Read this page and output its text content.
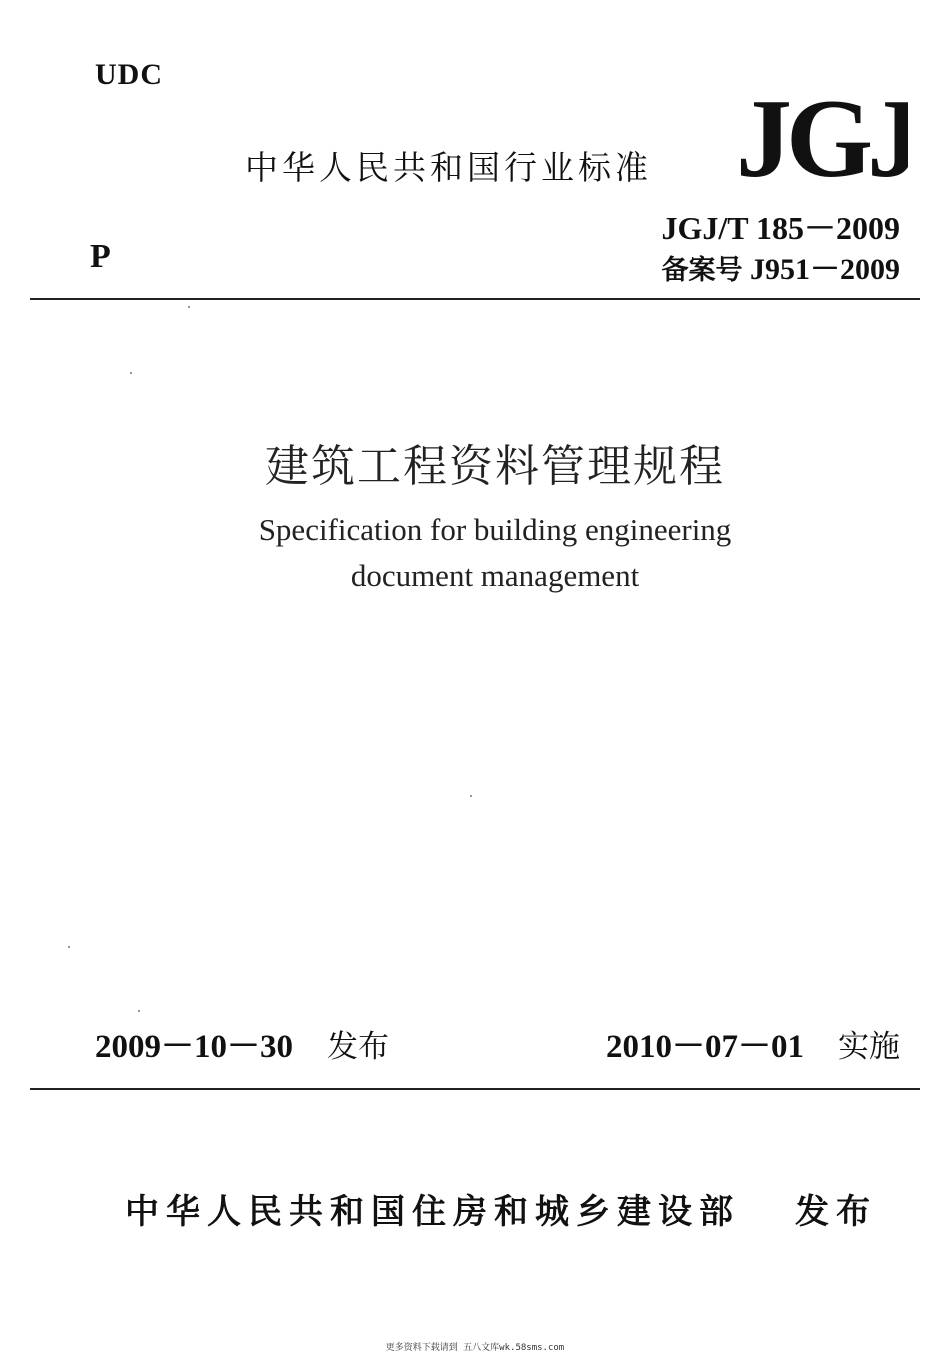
UDC
中华人民共和国行业标准 JGJ
P
JGJ/T 185－2009
备案号 J951－2009
建筑工程资料管理规程
Specification for building engineering
document management
2009－10－30 发布	2010－07－01 实施
中华人民共和国住房和城乡建设部 发布
更多资料下载请到 五八文库wk.58sms.com
